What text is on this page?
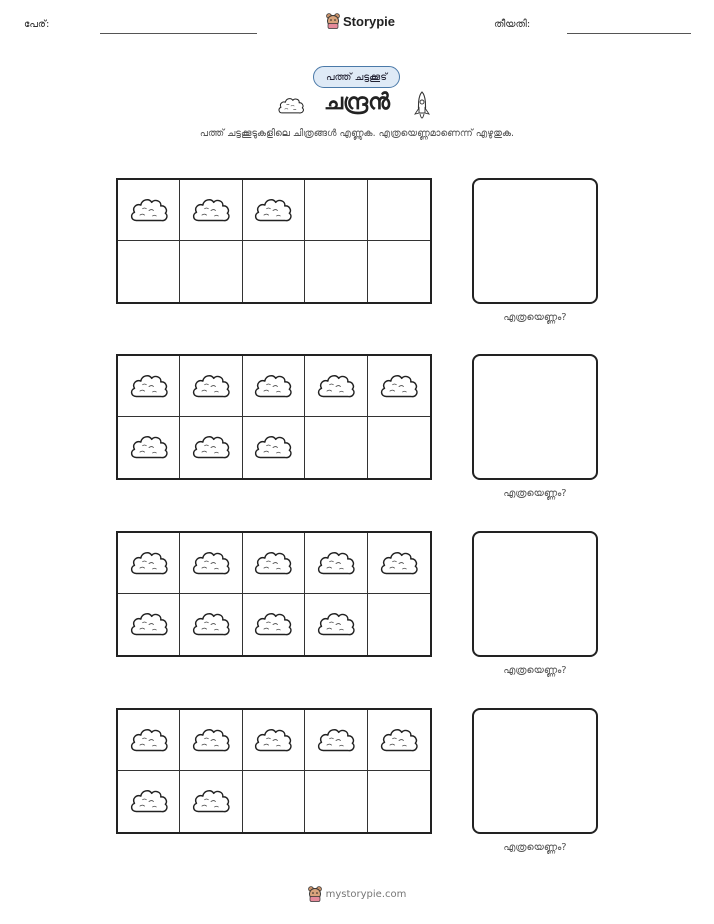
പേര്:	Storypie	തീയതി:
പത്ത് ചട്ടക്കൂട്
ചന്ദ്രൻ
പത്ത് ചട്ടക്കൂടുകളിലെ ചിത്രങ്ങൾ എണ്ണുക. എത്രയെണ്ണമാണെന്ന് എഴുതുക.
എത്രയെണ്ണം?
എത്രയെണ്ണം?
എത്രയെണ്ണം?
എത്രയെണ്ണം?
mystorypie.com
